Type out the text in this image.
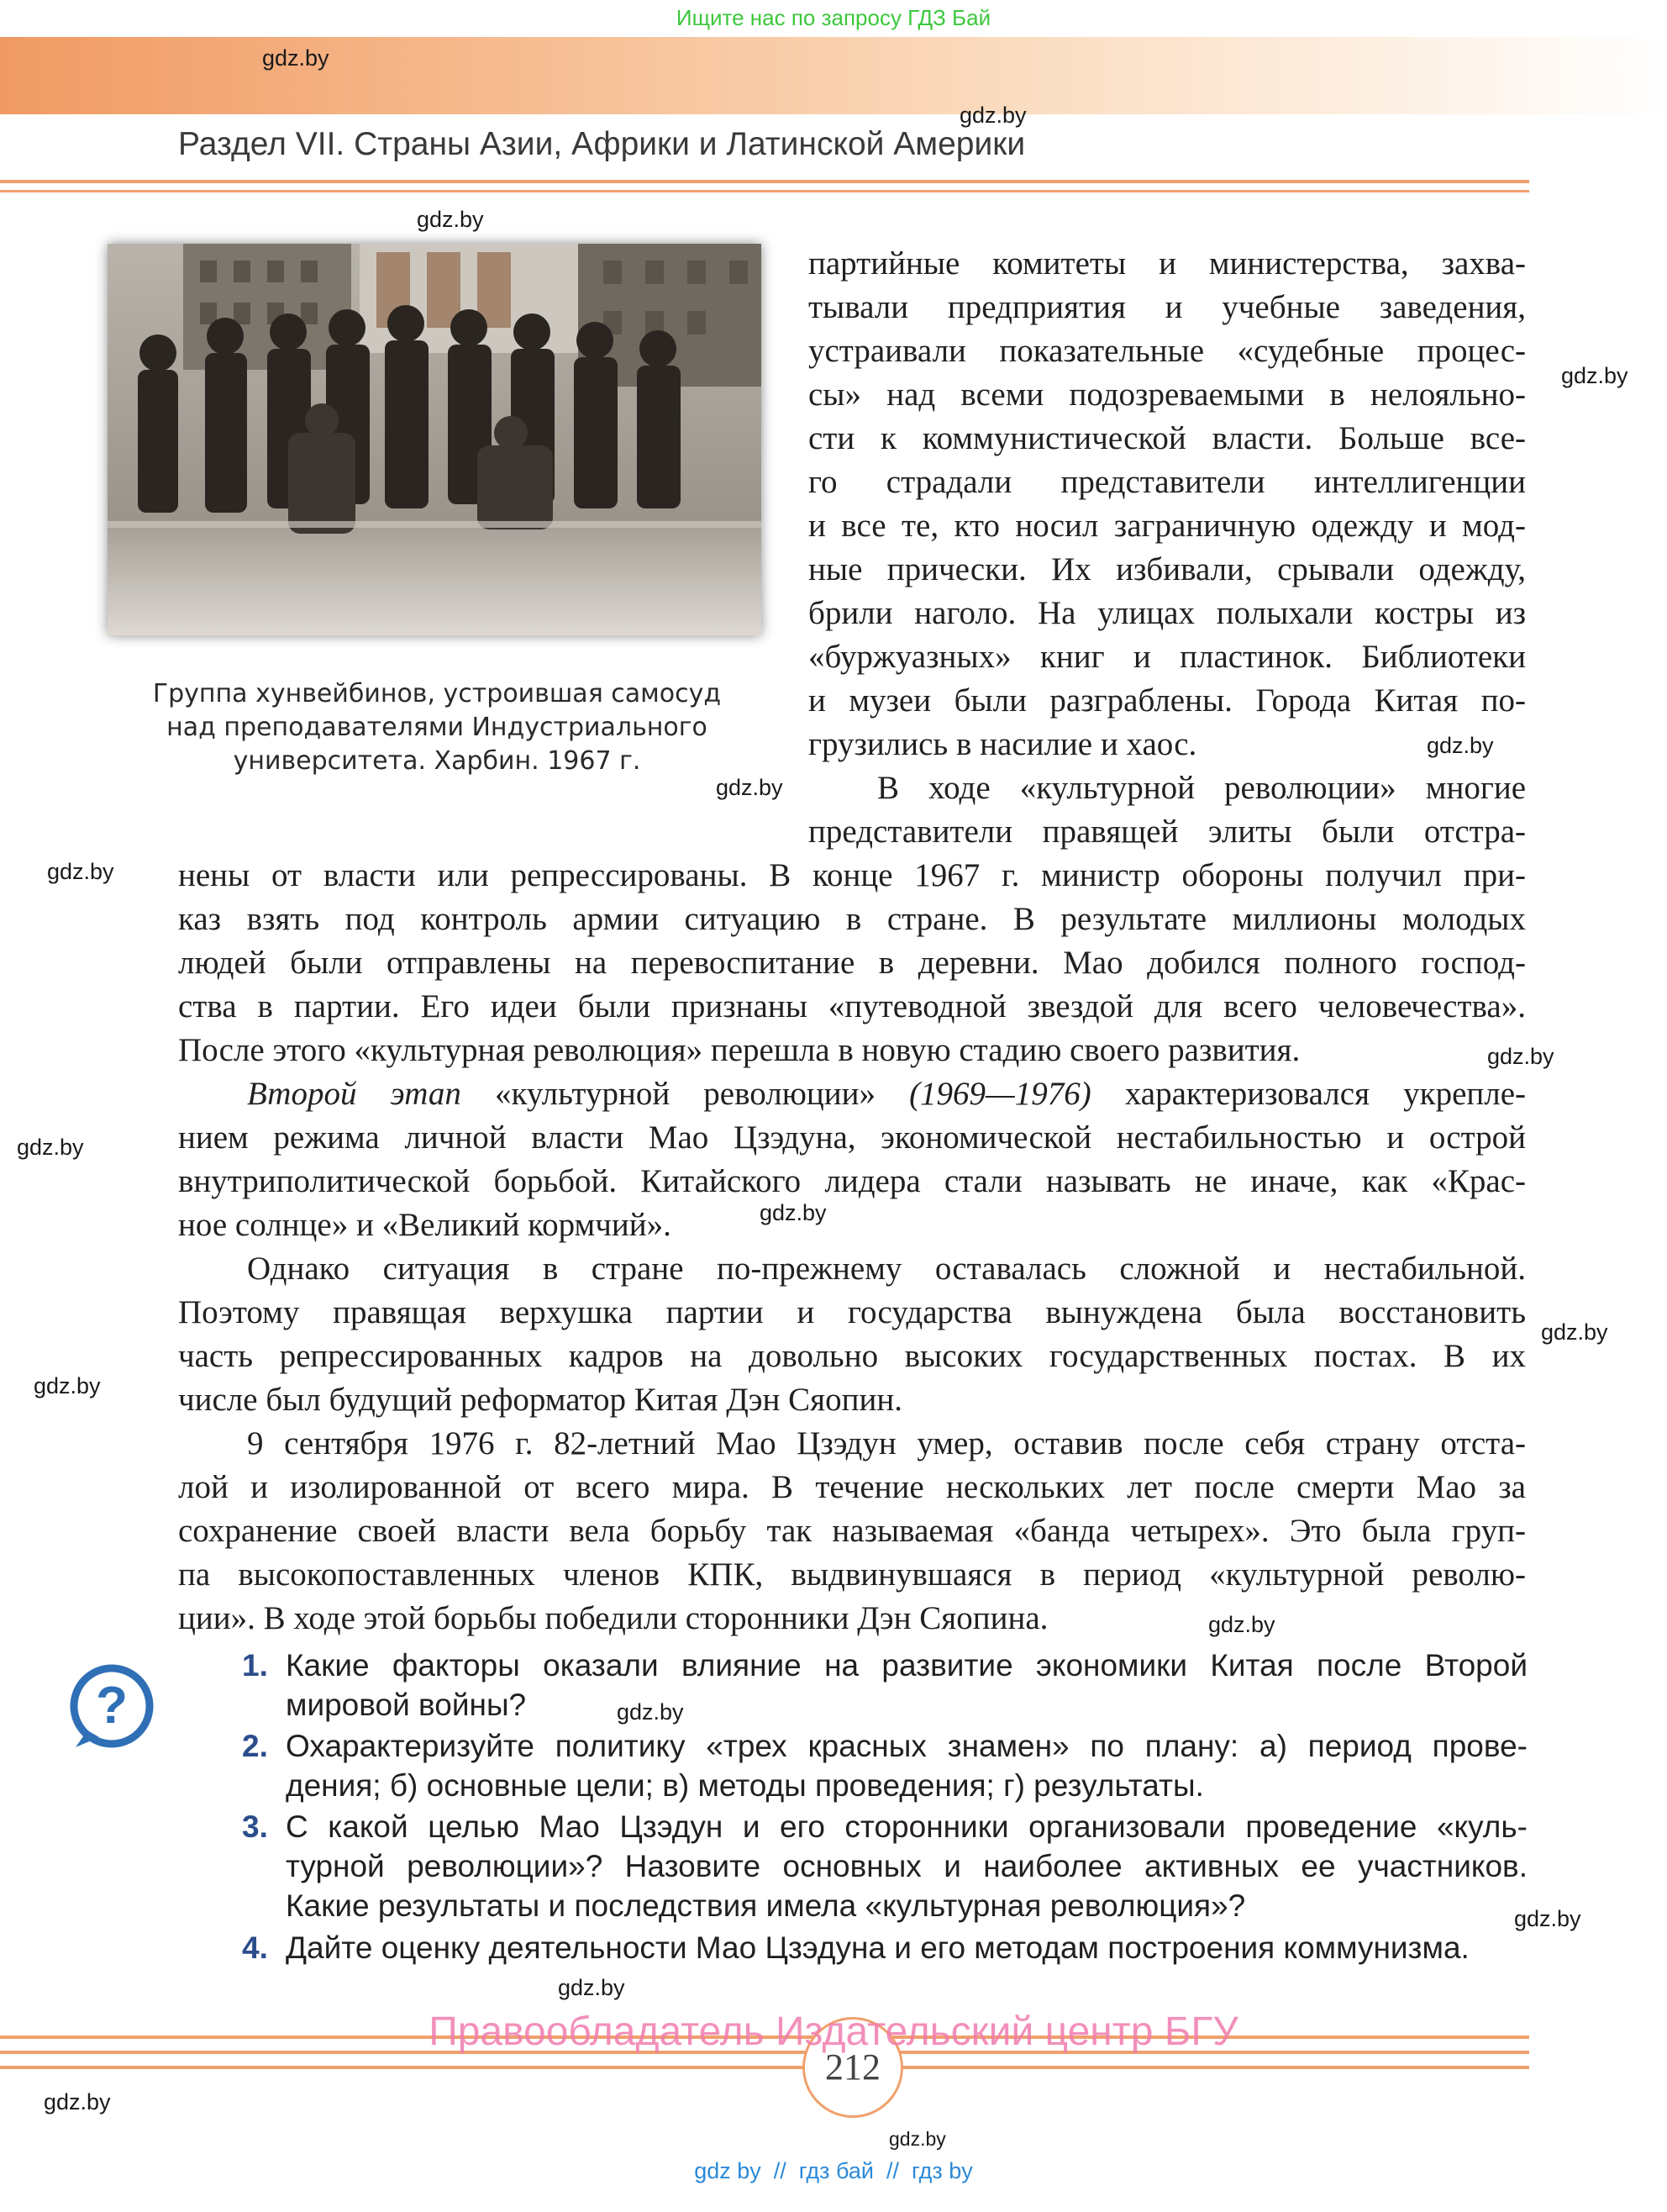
Ищите нас по запросу ГДЗ Бай
gdz.by
gdz.by
gdz.by
gdz.by
gdz.by
gdz.by
gdz.by
gdz.by
gdz.by
gdz.by
gdz.by
gdz.by
gdz.by
gdz.by
gdz.by
gdz.by
gdz.by
gdz.by
Раздел VII. Страны Азии, Африки и Латинской Америки
Группа хунвейбинов, устроившая самосуд
над преподавателями Индустриального
университета. Харбин. 1967 г.
партийные комитеты и министерства, захва-
тывали предприятия и учебные заведения,
устраивали показательные «судебные процес-
сы» над всеми подозреваемыми в нелояльно-
сти к коммунистической власти. Больше все-
го страдали представители интеллигенции
и все те, кто носил заграничную одежду и мод-
ные прически. Их избивали, срывали одежду,
брили наголо. На улицах полыхали костры из
«буржуазных» книг и пластинок. Библиотеки
и музеи были разграблены. Города Китая по-
грузились в насилие и хаос.
В ходе «культурной революции» многие
представители правящей элиты были отстра-
нены от власти или репрессированы. В конце 1967 г. министр обороны получил при-
каз взять под контроль армии ситуацию в стране. В результате миллионы молодых
людей были отправлены на перевоспитание в деревни. Мао добился полного господ-
ства в партии. Его идеи были признаны «путеводной звездой для всего человечества».
После этого «культурная революция» перешла в новую стадию своего развития.
Второй этап «культурной революции» (1969—1976) характеризовался укрепле-
нием режима личной власти Мао Цзэдуна, экономической нестабильностью и острой
внутриполитической борьбой. Китайского лидера стали называть не иначе, как «Крас-
ное солнце» и «Великий кормчий».
Однако ситуация в стране по-прежнему оставалась сложной и нестабильной.
Поэтому правящая верхушка партии и государства вынуждена была восстановить
часть репрессированных кадров на довольно высоких государственных постах. В их
числе был будущий реформатор Китая Дэн Сяопин.
9 сентября 1976 г. 82-летний Мао Цзэдун умер, оставив после себя страну отста-
лой и изолированной от всего мира. В течение нескольких лет после смерти Мао за
сохранение своей власти вела борьбу так называемая «банда четырех». Это была груп-
па высокопоставленных членов КПК, выдвинувшаяся в период «культурной револю-
ции». В ходе этой борьбы победили сторонники Дэн Сяопина.
?
1. Какие факторы оказали влияние на развитие экономики Китая после Второй
мировой войны?
2. Охарактеризуйте политику «трех красных знамен» по плану: а) период прове-
дения; б) основные цели; в) методы проведения; г) результаты.
3. С какой целью Мао Цзэдун и его сторонники организовали проведение «куль-
турной революции»? Назовите основных и наиболее активных ее участников.
Какие результаты и последствия имела «культурная революция»?
4. Дайте оценку деятельности Мао Цзэдуна и его методам построения коммунизма.
212
Правообладатель Издательский центр БГУ
gdz by  //  гдз бай  //  гдз by
